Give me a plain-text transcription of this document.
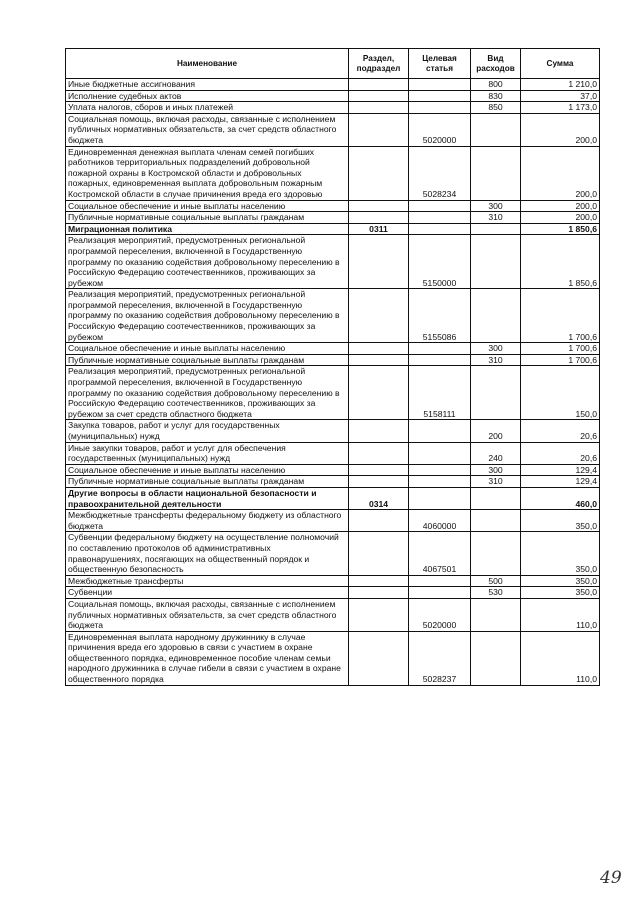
Наименование	Раздел, подраздел	Целевая статья	Вид расходов	Сумма
Иные бюджетные ассигнования			800	1 210,0
Исполнение судебных актов			830	37,0
Уплата налогов, сборов и иных платежей			850	1 173,0
Социальная помощь, включая расходы, связанные с исполнением публичных нормативных обязательств, за счет средств областного бюджета		5020000		200,0
Единовременная денежная выплата членам семей погибших работников территориальных подразделений добровольной пожарной охраны в Костромской области и добровольных пожарных, единовременная выплата добровольным пожарным Костромской области в случае причинения вреда его здоровью		5028234		200,0
Социальное обеспечение и иные выплаты населению			300	200,0
Публичные нормативные социальные выплаты гражданам			310	200,0
Миграционная политика	0311			1 850,6
Реализация мероприятий, предусмотренных региональной программой переселения, включенной в Государственную программу по оказанию содействия добровольному переселению в Российскую Федерацию соотечественников, проживающих за рубежом		5150000		1 850,6
Реализация мероприятий, предусмотренных региональной программой переселения, включенной в Государственную программу по оказанию содействия добровольному переселению в Российскую Федерацию соотечественников, проживающих за рубежом		5155086		1 700,6
Социальное обеспечение и иные выплаты населению			300	1 700,6
Публичные нормативные социальные выплаты гражданам			310	1 700,6
Реализация мероприятий, предусмотренных региональной программой переселения, включенной в Государственную программу по оказанию содействия добровольному переселению в Российскую Федерацию соотечественников, проживающих за рубежом за счет средств областного бюджета		5158111		150,0
Закупка товаров, работ и услуг для государственных (муниципальных) нужд			200	20,6
Иные закупки товаров, работ и услуг для обеспечения государственных (муниципальных) нужд			240	20,6
Социальное обеспечение и иные выплаты населению			300	129,4
Публичные нормативные социальные выплаты гражданам			310	129,4
Другие вопросы в области национальной безопасности и правоохранительной деятельности	0314			460,0
Межбюджетные трансферты федеральному бюджету из областного бюджета		4060000		350,0
Субвенции федеральному бюджету на осуществление полномочий по составлению протоколов об административных правонарушениях, посягающих на общественный порядок и общественную безопасность		4067501		350,0
Межбюджетные трансферты			500	350,0
Субвенции			530	350,0
Социальная помощь, включая расходы, связанные с исполнением публичных нормативных обязательств, за счет средств областного бюджета		5020000		110,0
Единовременная выплата народному дружиннику в случае причинения вреда его здоровью в связи с участием в охране общественного порядка, единовременное пособие членам семьи народного дружинника в случае гибели в связи с участием в охране общественного порядка		5028237		110,0
49
